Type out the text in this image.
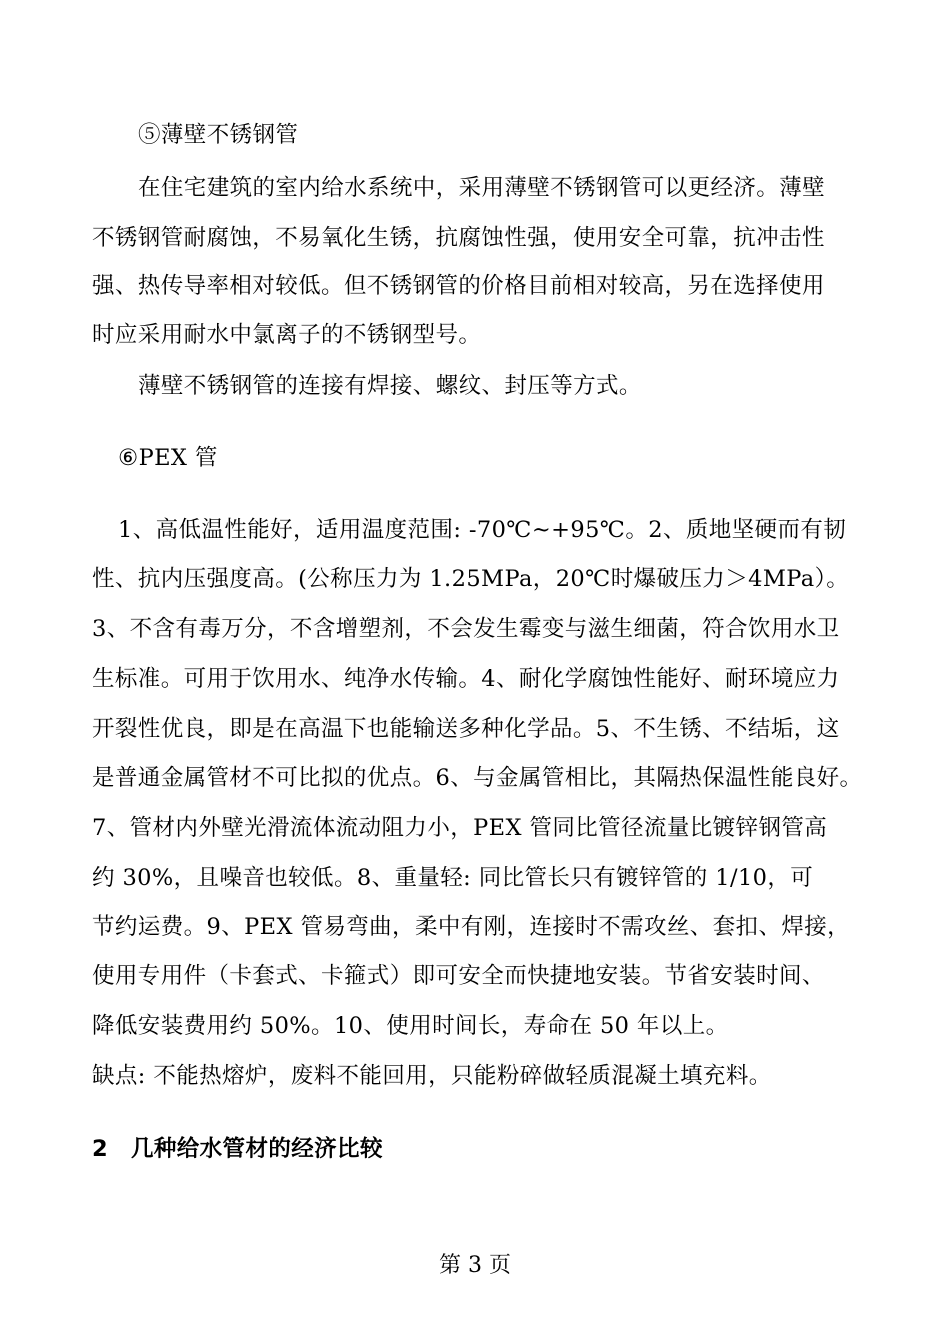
⑤薄壁不锈钢管
在住宅建筑的室内给水系统中，采用薄壁不锈钢管可以更经济。薄壁
不锈钢管耐腐蚀，不易氧化生锈，抗腐蚀性强，使用安全可靠，抗冲击性
强、热传导率相对较低。但不锈钢管的价格目前相对较高，另在选择使用
时应采用耐水中氯离子的不锈钢型号。
薄壁不锈钢管的连接有焊接、螺纹、封压等方式。
⑥PEX 管
1、高低温性能好，适用温度范围: -70℃~+95℃。2、质地坚硬而有韧
性、抗内压强度高。(公称压力为 1.25MPa，20℃时爆破压力＞4MPa）。
3、不含有毒万分，不含增塑剂，不会发生霉变与滋生细菌，符合饮用水卫
生标准。可用于饮用水、纯净水传输。4、耐化学腐蚀性能好、耐环境应力
开裂性优良，即是在高温下也能输送多种化学品。5、不生锈、不结垢，这
是普通金属管材不可比拟的优点。6、与金属管相比，其隔热保温性能良好。
7、管材内外壁光滑流体流动阻力小，PEX 管同比管径流量比镀锌钢管高
约 30%，且噪音也较低。8、重量轻: 同比管长只有镀锌管的 1/10，可
节约运费。9、PEX 管易弯曲，柔中有刚，连接时不需攻丝、套扣、焊接，
使用专用件（卡套式、卡箍式）即可安全而快捷地安装。节省安装时间、
降低安装费用约 50%。10、使用时间长，寿命在 50 年以上。
缺点: 不能热熔炉，废料不能回用，只能粉碎做轻质混凝土填充料。
2　几种给水管材的经济比较
第 3 页
